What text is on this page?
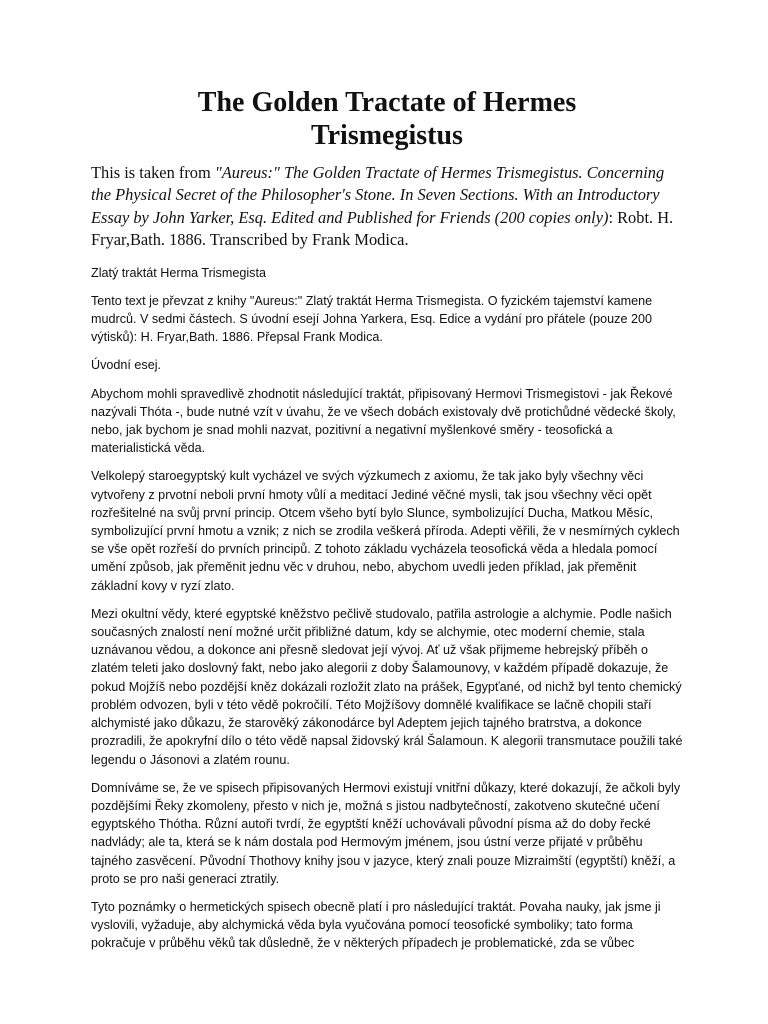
The Golden Tractate of Hermes
Trismegistus

This is taken from "Aureus:" The Golden Tractate of Hermes Trismegistus. Concerning the Physical Secret of the Philosopher's Stone. In Seven Sections. With an Introductory Essay by John Yarker, Esq. Edited and Published for Friends (200 copies only): Robt. H. Fryar,Bath. 1886. Transcribed by Frank Modica.

Zlatý traktát Herma Trismegista

Tento text je převzat z knihy "Aureus:" Zlatý traktát Herma Trismegista. O fyzickém tajemství kamene mudrců. V sedmi částech. S úvodní esejí Johna Yarkera, Esq. Edice a vydání pro přátele (pouze 200 výtisků): H. Fryar,Bath. 1886. Přepsal Frank Modica.

Úvodní esej.

Abychom mohli spravedlivě zhodnotit následující traktát, připisovaný Hermovi Trismegistovi - jak Řekové nazývali Thóta -, bude nutné vzít v úvahu, že ve všech dobách existovaly dvě protichůdné vědecké školy, nebo, jak bychom je snad mohli nazvat, pozitivní a negativní myšlenkové směry - teosofická a materialistická věda.

Velkolepý staroegyptský kult vycházel ve svých výzkumech z axiomu, že tak jako byly všechny věci vytvořeny z prvotní neboli první hmoty vůlí a meditací Jediné věčné mysli, tak jsou všechny věci opět rozřešitelné na svůj první princip. Otcem všeho bytí bylo Slunce, symbolizující Ducha, Matkou Měsíc, symbolizující první hmotu a vznik; z nich se zrodila veškerá příroda. Adepti věřili, že v nesmírných cyklech se vše opět rozřeší do prvních principů. Z tohoto základu vycházela teosofická věda a hledala pomocí umění způsob, jak přeměnit jednu věc v druhou, nebo, abychom uvedli jeden příklad, jak přeměnit základní kovy v ryzí zlato.

Mezi okultní vědy, které egyptské kněžstvo pečlivě studovalo, patřila astrologie a alchymie. Podle našich současných znalostí není možné určit přibližné datum, kdy se alchymie, otec moderní chemie, stala uznávanou vědou, a dokonce ani přesně sledovat její vývoj. Ať už však přijmeme hebrejský příběh o zlatém teleti jako doslovný fakt, nebo jako alegorii z doby Šalamounovy, v každém případě dokazuje, že pokud Mojžíš nebo pozdější kněz dokázali rozložit zlato na prášek, Egypťané, od nichž byl tento chemický problém odvozen, byli v této vědě pokročilí. Této Mojžíšovy domnělé kvalifikace se lačně chopili staří alchymisté jako důkazu, že starověký zákonodárce byl Adeptem jejich tajného bratrstva, a dokonce prozradili, že apokryfní dílo o této vědě napsal židovský král Šalamoun. K alegorii transmutace použili také legendu o Jásonovi a zlatém rounu.

Domníváme se, že ve spisech připisovaných Hermovi existují vnitřní důkazy, které dokazují, že ačkoli byly pozdějšími Řeky zkomoleny, přesto v nich je, možná s jistou nadbytečností, zakotveno skutečné učení egyptského Thótha. Různí autoři tvrdí, že egyptští kněží uchovávali původní písma až do doby řecké nadvlády; ale ta, která se k nám dostala pod Hermovým jménem, jsou ústní verze přijaté v průběhu tajného zasvěcení. Původní Thothovy knihy jsou v jazyce, který znali pouze Mizraimští (egyptští) kněží, a proto se pro naši generaci ztratily.

Tyto poznámky o hermetických spisech obecně platí i pro následující traktát. Povaha nauky, jak jsme ji vyslovili, vyžaduje, aby alchymická věda byla vyučována pomocí teosofické symboliky; tato forma pokračuje v průběhu věků tak důsledně, že v některých případech je problematické, zda se vůbec
